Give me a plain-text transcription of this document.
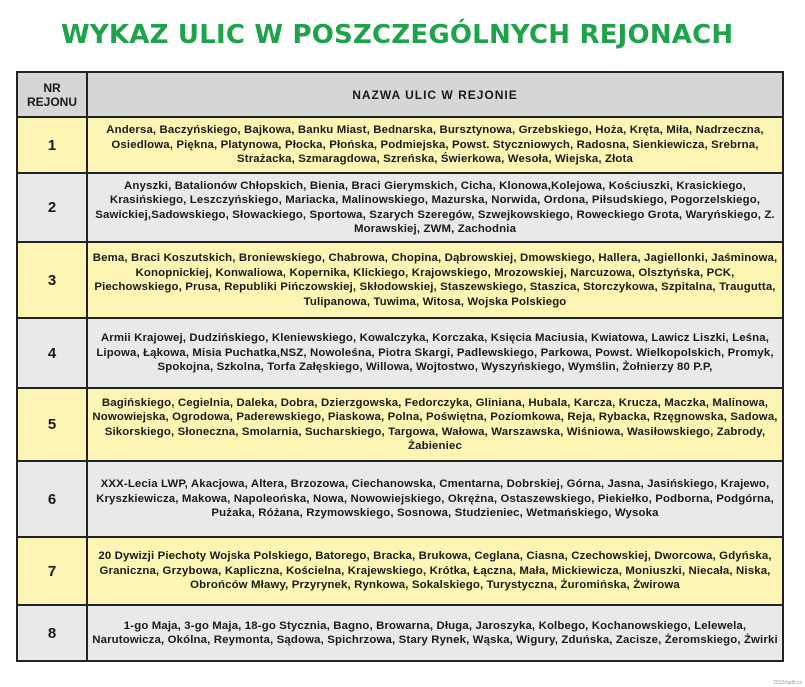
WYKAZ ULIC W POSZCZEGÓLNYCH REJONACH
NR
REJONU	NAZWA ULIC W REJONIE
1	Andersa, Baczyńskiego, Bajkowa, Banku Miast, Bednarska, Bursztynowa, Grzebskiego, Hoża, Kręta, Miła, Nadrzeczna, Osiedlowa, Piękna, Platynowa, Płocka, Płońska, Podmiejska, Powst. Styczniowych, Radosna, Sienkiewicza, Srebrna, Strażacka, Szmaragdowa, Szreńska, Świerkowa, Wesoła, Wiejska, Złota
2	Anyszki, Batalionów Chłopskich, Bienia, Braci Gierymskich, Cicha, Klonowa,Kolejowa, Kościuszki, Krasickiego, Krasińskiego, Leszczyńskiego, Mariacka, Malinowskiego, Mazurska, Norwida, Ordona, Piłsudskiego, Pogorzelskiego, Sawickiej,Sadowskiego, Słowackiego, Sportowa, Szarych Szeregów, Szwejkowskiego, Roweckiego Grota, Waryńskiego, Z. Morawskiej, ZWM, Zachodnia
3	Bema, Braci Koszutskich, Broniewskiego, Chabrowa, Chopina, Dąbrowskiej, Dmowskiego, Hallera, Jagiellonki, Jaśminowa, Konopnickiej, Konwaliowa, Kopernika, Klickiego, Krajowskiego, Mrozowskiej, Narcuzowa, Olsztyńska, PCK, Piechowskiego, Prusa, Republiki Pińczowskiej, Skłodowskiej, Staszewskiego, Staszica, Storczykowa, Szpitalna, Traugutta, Tulipanowa, Tuwima, Witosa, Wojska Polskiego
4	Armii Krajowej, Dudzińskiego, Kleniewskiego, Kowalczyka, Korczaka, Księcia Maciusia, Kwiatowa, Lawicz Liszki, Leśna, Lipowa, Łąkowa, Misia Puchatka,NSZ, Nowoleśna, Piotra Skargi, Padlewskiego, Parkowa, Powst. Wielkopolskich, Promyk, Spokojna, Szkolna, Torfa Załęskiego, Willowa, Wojtostwo, Wyszyńskiego, Wymślin, Żołnierzy 80 P.P,
5	Bagińskiego, Cegielnia, Daleka, Dobra, Dzierzgowska, Fedorczyka, Gliniana, Hubala, Karcza, Krucza, Maczka, Malinowa, Nowowiejska, Ogrodowa, Paderewskiego, Piaskowa, Polna, Poświętna, Poziomkowa, Reja, Rybacka, Rzęgnowska, Sadowa, Sikorskiego, Słoneczna, Smolarnia, Sucharskiego, Targowa, Wałowa, Warszawska, Wiśniowa, Wasiłowskiego, Zabrody, Żabieniec
6	XXX-Lecia LWP, Akacjowa, Altera, Brzozowa, Ciechanowska, Cmentarna, Dobrskiej, Górna, Jasna, Jasińskiego, Krajewo, Kryszkiewicza, Makowa, Napoleońska, Nowa, Nowowiejskiego, Okrężna, Ostaszewskiego, Piekiełko, Podborna, Podgórna, Pużaka, Różana, Rzymowskiego, Sosnowa, Studzieniec, Wetmańskiego, Wysoka
7	20 Dywizji Piechoty Wojska Polskiego, Batorego, Bracka, Brukowa, Ceglana, Ciasna, Czechowskiej, Dworcowa, Gdyńska, Graniczna, Grzybowa, Kapliczna, Kościelna, Krajewskiego, Krótka, Łączna, Mała, Mickiewicza, Moniuszki, Niecała, Niska, Obrońców Mławy, Przyrynek, Rynkowa, Sokalskiego, Turystyczna, Żuromińska, Żwirowa
8	1-go Maja, 3-go Maja, 18-go Stycznia, Bagno, Browarna, Długa, Jaroszyka, Kolbego, Kochanowskiego, Lelewela, Narutowicza, Okólna, Reymonta, Sądowa, Spichrzowa, Stary Rynek, Wąska, Wigury, Zduńska, Zacisze, Żeromskiego, Żwirki
2012/rad/r.cs
